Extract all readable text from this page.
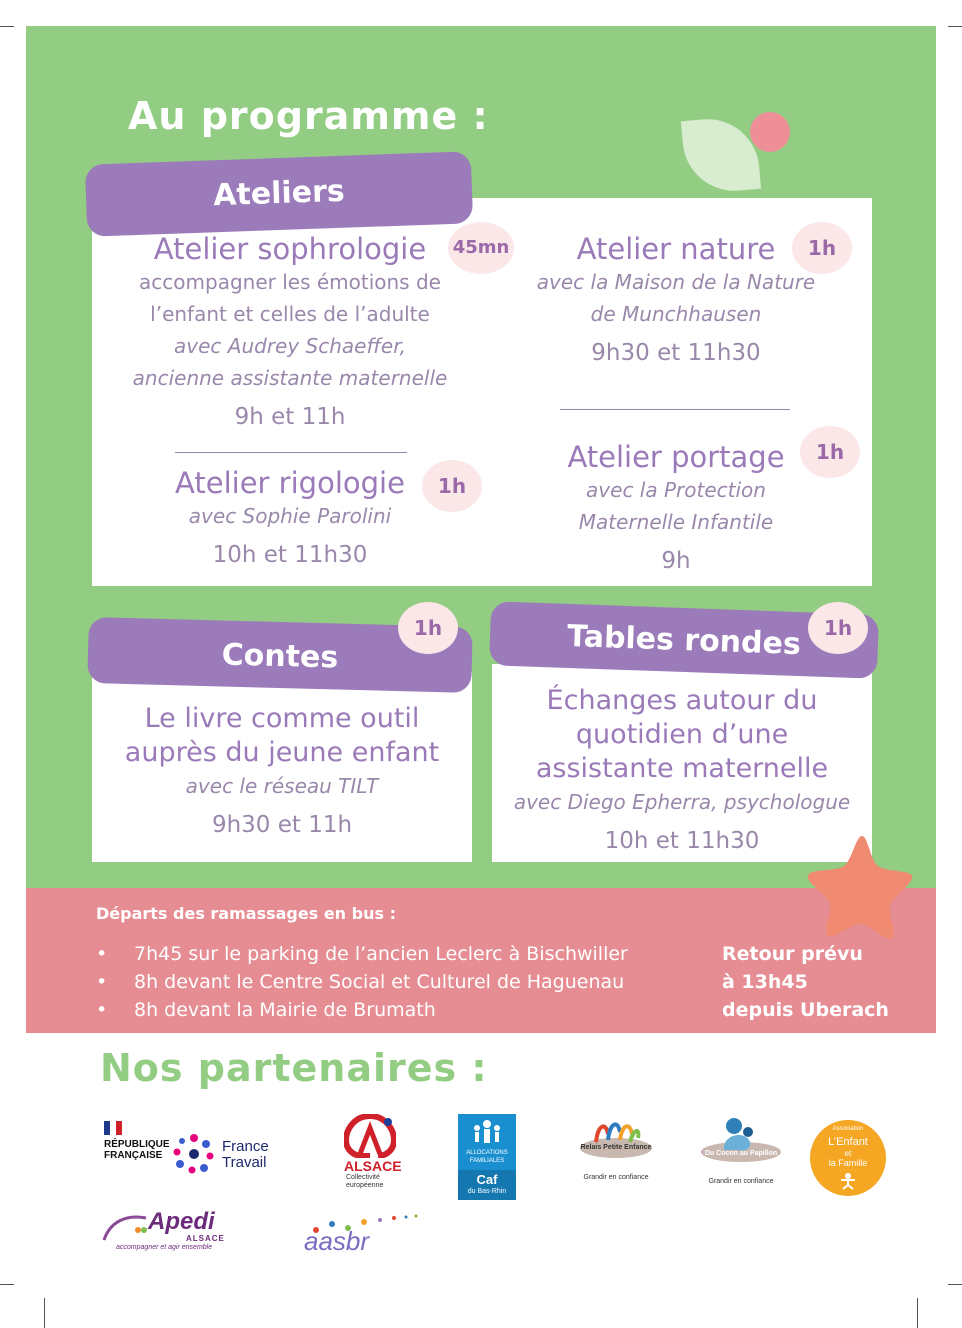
Au programme :
Ateliers
Atelier sophrologie
accompagner les émotions de
l’enfant et celles de l’adulte
avec Audrey Schaeffer,
ancienne assistante maternelle
9h et 11h
45mn
Atelier rigologie
avec Sophie Parolini
10h et 11h30
1h
Atelier nature
avec la Maison de la Nature
de Munchhausen
9h30 et 11h30
1h
Atelier portage
avec la Protection
Maternelle Infantile
9h
1h
Contes
1h
Le livre comme outil
auprès du jeune enfant
avec le réseau TILT
9h30 et 11h
Tables rondes	1h
Échanges autour du
quotidien d’une
assistante maternelle
avec Diego Epherra, psychologue
10h et 11h30
Départs des ramassages en bus :
• 7h45 sur le parking de l’ancien Leclerc à Bischwiller
• 8h devant le Centre Social et Culturel de Haguenau
• 8h devant la Mairie de Brumath
Retour prévu
à 13h45
depuis Uberach
Nos partenaires :
RÉPUBLIQUE
FRANÇAISE
France
Travail	ALSACE
Collectivité
européenne
ALLOCATIONS
FAMILIALES
Caf
du Bas-Rhin
Relais Petite Enfance
Grandir en confiance
Du Cocon au Papillon
Grandir en confiance
Association
L’Enfant
et
la Famille
Apedi
ALSACE
accompagner et agir ensemble	aasbr
